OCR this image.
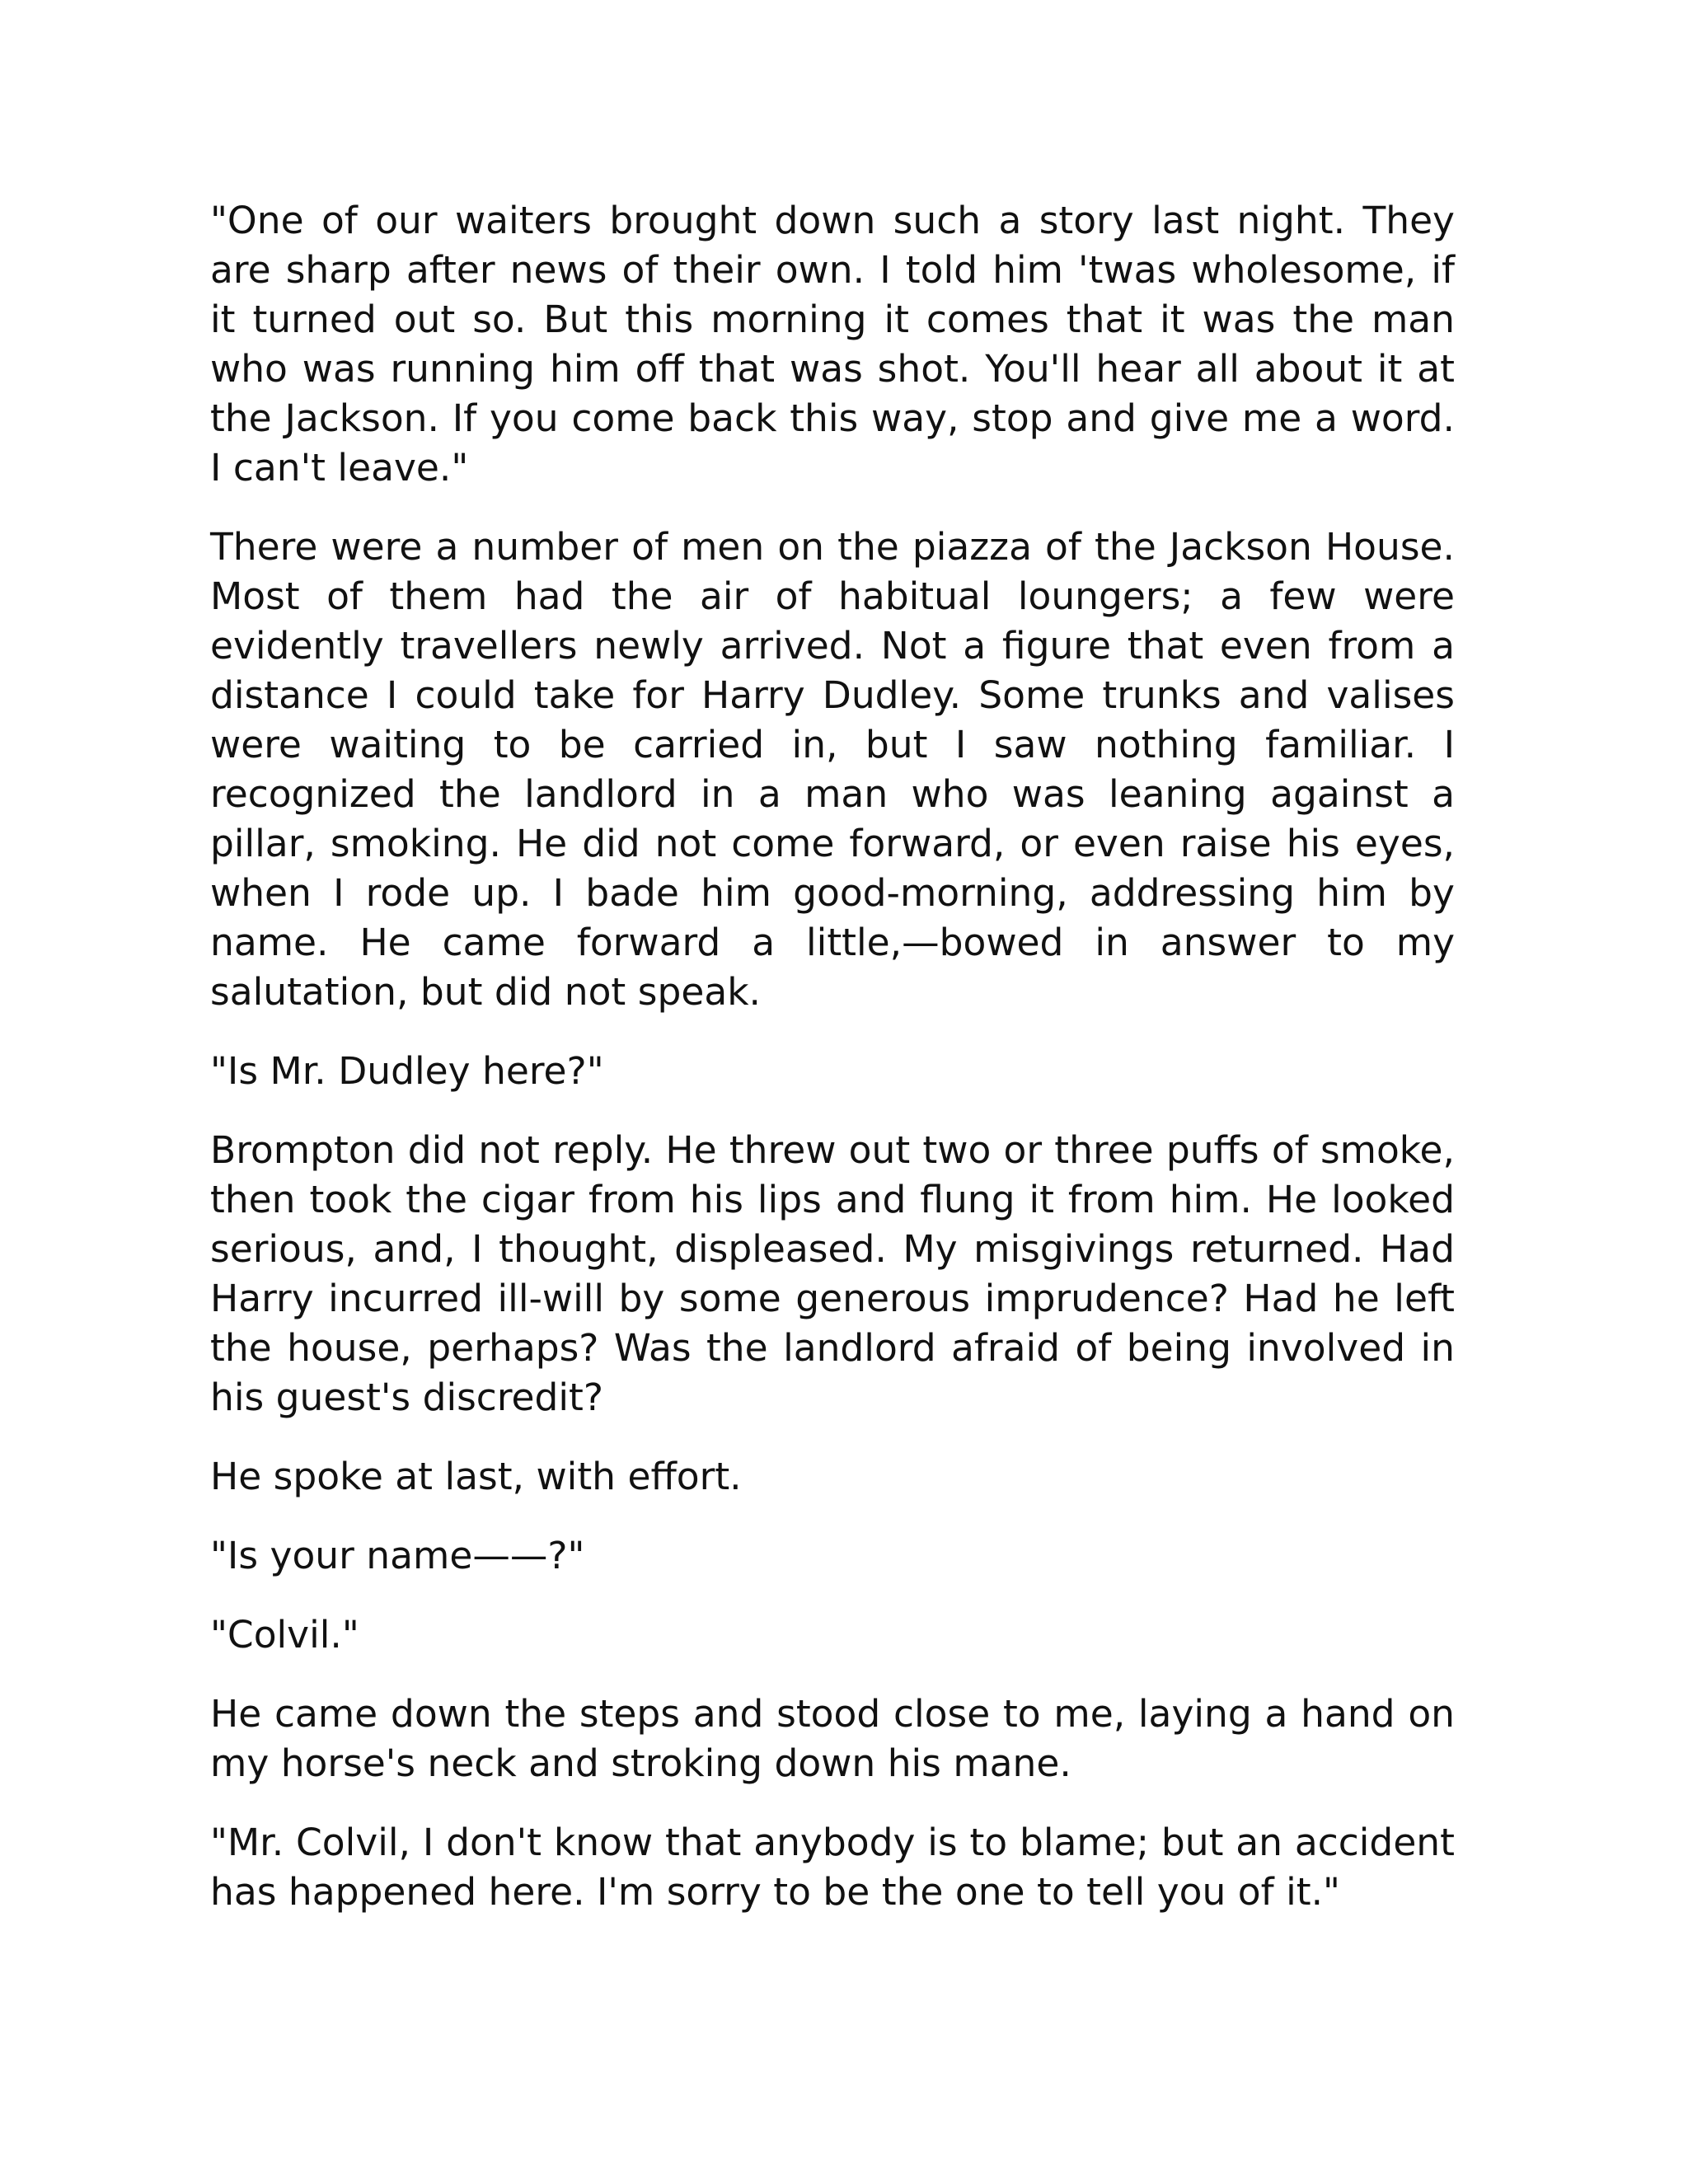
"One of our waiters brought down such a story last night. They are sharp after news of their own. I told him 'twas wholesome, if it turned out so. But this morning it comes that it was the man who was running him off that was shot. You'll hear all about it at the Jackson. If you come back this way, stop and give me a word. I can't leave."

There were a number of men on the piazza of the Jackson House. Most of them had the air of habitual loungers; a few were evidently travellers newly arrived. Not a figure that even from a distance I could take for Harry Dudley. Some trunks and valises were waiting to be carried in, but I saw nothing familiar. I recognized the landlord in a man who was leaning against a pillar, smoking. He did not come forward, or even raise his eyes, when I rode up. I bade him good-morning, addressing him by name. He came forward a little,—bowed in answer to my salutation, but did not speak.

"Is Mr. Dudley here?"

Brompton did not reply. He threw out two or three puffs of smoke, then took the cigar from his lips and flung it from him. He looked serious, and, I thought, displeased. My misgivings returned. Had Harry incurred ill-will by some generous imprudence? Had he left the house, perhaps? Was the landlord afraid of being involved in his guest's discredit?

He spoke at last, with effort.

"Is your name——?"

"Colvil."

He came down the steps and stood close to me, laying a hand on my horse's neck and stroking down his mane.

"Mr. Colvil, I don't know that anybody is to blame; but an accident has happened here. I'm sorry to be the one to tell you of it."
